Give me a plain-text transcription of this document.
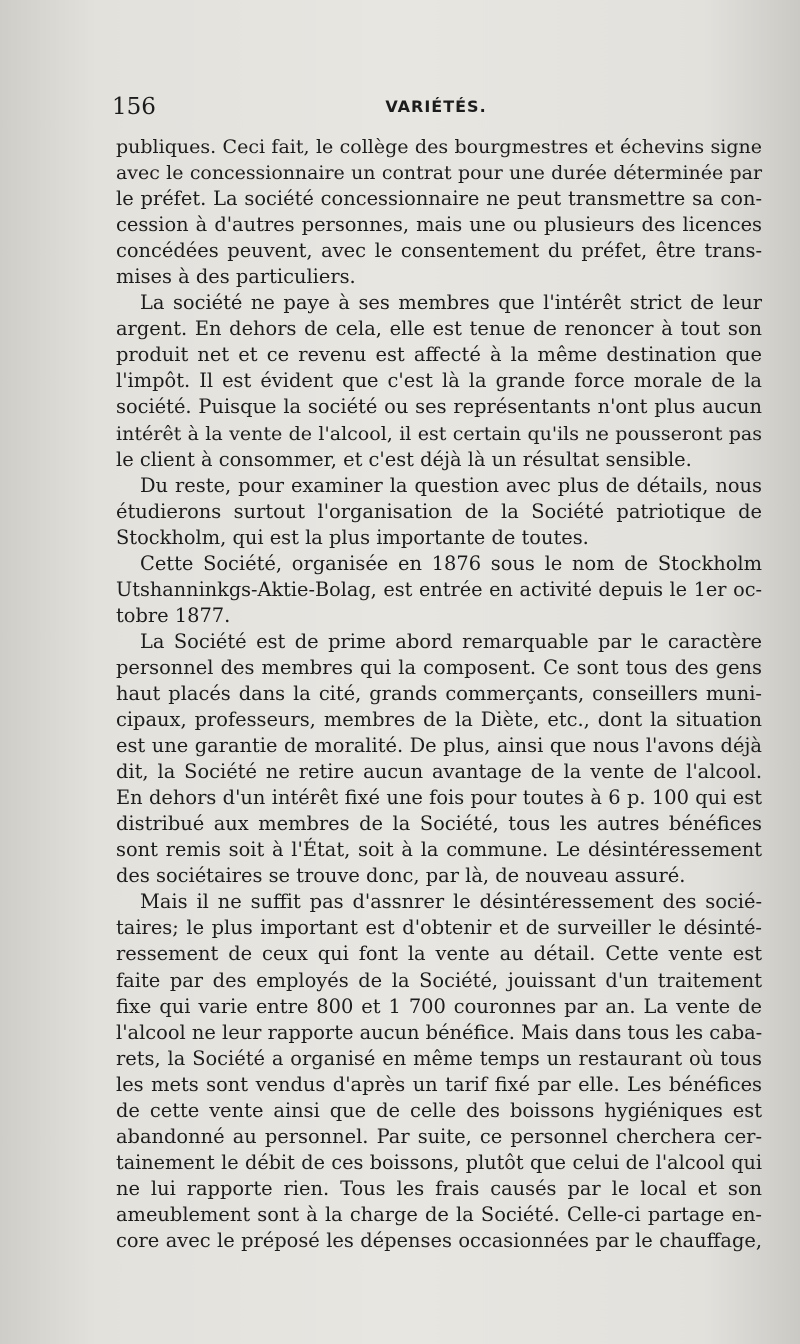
156	VARIÉTÉS.
publiques. Ceci fait, le collège des bourgmestres et échevins signe
avec le concessionnaire un contrat pour une durée déterminée par
le préfet. La société concessionnaire ne peut transmettre sa con-
cession à d'autres personnes, mais une ou plusieurs des licences
concédées peuvent, avec le consentement du préfet, être trans-
mises à des particuliers.
La société ne paye à ses membres que l'intérêt strict de leur
argent. En dehors de cela, elle est tenue de renoncer à tout son
produit net et ce revenu est affecté à la même destination que
l'impôt. Il est évident que c'est là la grande force morale de la
société. Puisque la société ou ses représentants n'ont plus aucun
intérêt à la vente de l'alcool, il est certain qu'ils ne pousseront pas
le client à consommer, et c'est déjà là un résultat sensible.
Du reste, pour examiner la question avec plus de détails, nous
étudierons surtout l'organisation de la Société patriotique de
Stockholm, qui est la plus importante de toutes.
Cette Société, organisée en 1876 sous le nom de Stockholm
Utshanninkgs-Aktie-Bolag, est entrée en activité depuis le 1er oc-
tobre 1877.
La Société est de prime abord remarquable par le caractère
personnel des membres qui la composent. Ce sont tous des gens
haut placés dans la cité, grands commerçants, conseillers muni-
cipaux, professeurs, membres de la Diète, etc., dont la situation
est une garantie de moralité. De plus, ainsi que nous l'avons déjà
dit, la Société ne retire aucun avantage de la vente de l'alcool.
En dehors d'un intérêt fixé une fois pour toutes à 6 p. 100 qui est
distribué aux membres de la Société, tous les autres bénéfices
sont remis soit à l'État, soit à la commune. Le désintéressement
des sociétaires se trouve donc, par là, de nouveau assuré.
Mais il ne suffit pas d'assnrer le désintéressement des socié-
taires; le plus important est d'obtenir et de surveiller le désinté-
ressement de ceux qui font la vente au détail. Cette vente est
faite par des employés de la Société, jouissant d'un traitement
fixe qui varie entre 800 et 1 700 couronnes par an. La vente de
l'alcool ne leur rapporte aucun bénéfice. Mais dans tous les caba-
rets, la Société a organisé en même temps un restaurant où tous
les mets sont vendus d'après un tarif fixé par elle. Les bénéfices
de cette vente ainsi que de celle des boissons hygiéniques est
abandonné au personnel. Par suite, ce personnel cherchera cer-
tainement le débit de ces boissons, plutôt que celui de l'alcool qui
ne lui rapporte rien. Tous les frais causés par le local et son
ameublement sont à la charge de la Société. Celle-ci partage en-
core avec le préposé les dépenses occasionnées par le chauffage,
